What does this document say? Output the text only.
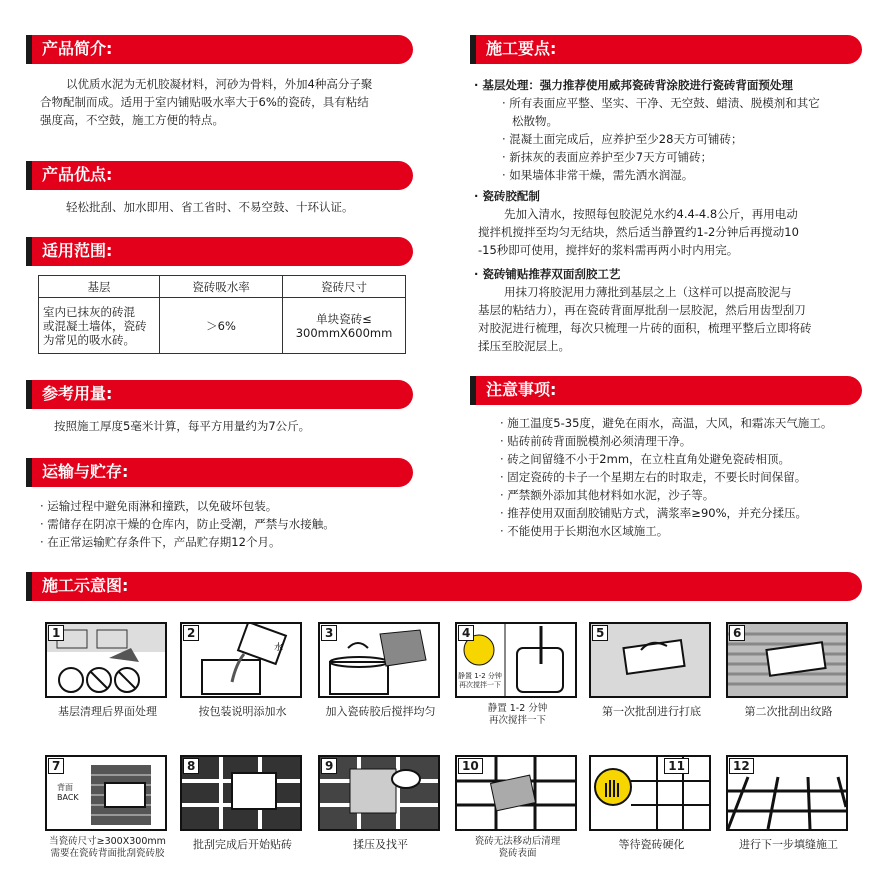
产品简介:
以优质水泥为无机胶凝材料，河砂为骨料，外加4种高分子聚
合物配制而成。适用于室内铺贴吸水率大于6%的瓷砖，具有粘结
强度高，不空鼓，施工方便的特点。
产品优点:
轻松批刮、加水即用、省工省时、不易空鼓、十环认证。
适用范围:
基层	瓷砖吸水率	瓷砖尺寸

室内已抹灰的砖混
或混凝土墙体，瓷砖
为常见的吸水砖。	＞6%	单块瓷砖≤
300mmX600mm
参考用量:
按照施工厚度5毫米计算，每平方用量约为7公斤。
运输与贮存:
· 运输过程中避免雨淋和撞跌，以免破坏包装。
· 需储存在阴凉干燥的仓库内，防止受潮，严禁与水接触。
· 在正常运输贮存条件下，产品贮存期12个月。
施工要点:
· 基层处理：强力推荐使用威邦瓷砖背涂胶进行瓷砖背面预处理
· 所有表面应平整、坚实、干净、无空鼓、蜡渍、脱模剂和其它
松散物。
· 混凝土面完成后，应养护至少28天方可铺砖；
· 新抹灰的表面应养护至少7天方可铺砖；
· 如果墙体非常干燥，需先洒水润湿。
· 瓷砖胶配制
先加入清水，按照每包胶泥兑水约4.4-4.8公斤，再用电动
搅拌机搅拌至均匀无结块，然后适当静置约1-2分钟后再搅动10
-15秒即可使用，搅拌好的浆料需再两小时内用完。
· 瓷砖铺贴推荐双面刮胶工艺
用抹刀将胶泥用力薄批到基层之上（这样可以提高胶泥与
基层的粘结力），再在瓷砖背面厚批刮一层胶泥，然后用齿型刮刀
对胶泥进行梳理，每次只梳理一片砖的面积，梳理平整后立即将砖
揉压至胶泥层上。
注意事项:
· 施工温度5-35度，避免在雨水，高温，大风，和霜冻天气施工。
· 贴砖前砖背面脱模剂必须清理干净。
· 砖之间留缝不小于2mm，在立柱直角处避免瓷砖相顶。
· 固定瓷砖的卡子一个星期左右的时取走，不要长时间保留。
· 严禁额外添加其他材料如水泥，沙子等。
· 推荐使用双面刮胶铺贴方式，满浆率≥90%，并充分揉压。
· 不能使用于长期泡水区域施工。
施工示意图:
1
基层清理后界面处理
水
2
按包装说明添加水
3
加入瓷砖胶后搅拌均匀
4
静置 1-2 分钟
再次搅拌一下
静置 1-2 分钟
再次搅拌一下
5
第一次批刮进行打底
6
第二次批刮出纹路
7
背面
BACK
当瓷砖尺寸≥300X300mm
需要在瓷砖背面批刮瓷砖胶
8
批刮完成后开始贴砖
9
揉压及找平
10
瓷砖无法移动后清理
瓷砖表面
11
等待瓷砖硬化
12
进行下一步填缝施工
